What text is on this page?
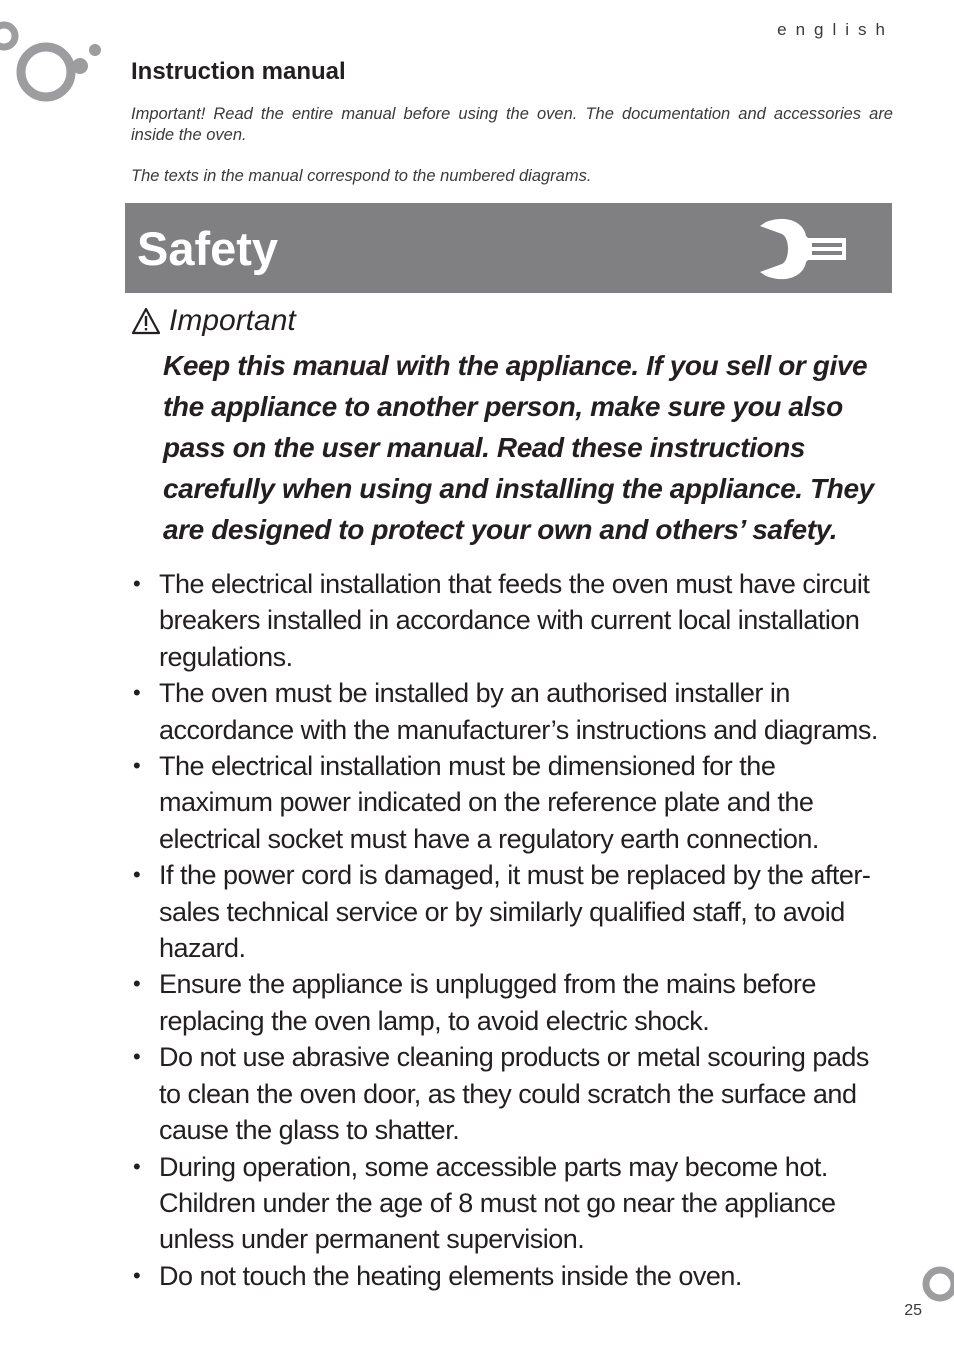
english
Instruction manual

Important! Read the entire manual before using the oven. The documentation and accessories are inside the oven.

The texts in the manual correspond to the numbered diagrams.

Safety
Important

Keep this manual with the appliance. If you sell or give the appliance to another person, make sure you also pass on the user manual. Read these instructions carefully when using and installing the appliance. They are designed to protect your own and others’ safety.

• The electrical installation that feeds the oven must have circuit breakers installed in accordance with current local installation regulations.
• The oven must be installed by an authorised installer in accordance with the manufacturer’s instructions and diagrams.
• The electrical installation must be dimensioned for the maximum power indicated on the reference plate and the electrical socket must have a regulatory earth connection.
• If the power cord is damaged, it must be replaced by the after-sales technical service or by similarly qualified staff, to avoid hazard.
• Ensure the appliance is unplugged from the mains before replacing the oven lamp, to avoid electric shock.
• Do not use abrasive cleaning products or metal scouring pads to clean the oven door, as they could scratch the surface and cause the glass to shatter.
• During operation, some accessible parts may become hot. Children under the age of 8 must not go near the appliance unless under permanent supervision.
• Do not touch the heating elements inside the oven.
25
